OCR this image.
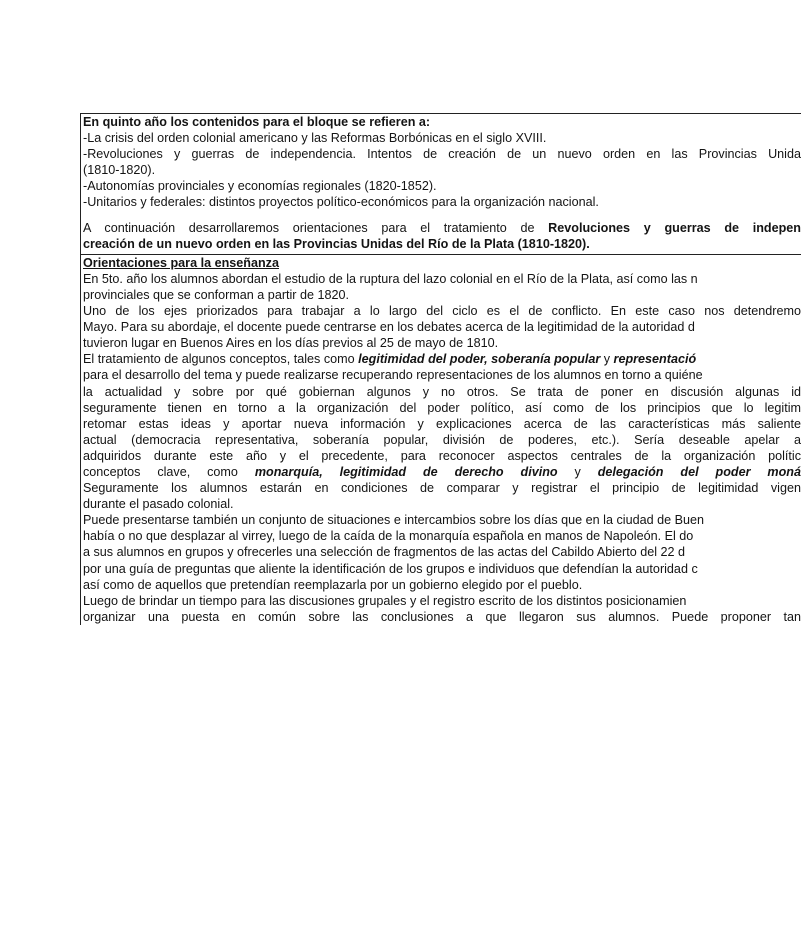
En quinto año los contenidos para el bloque se refieren a:
-La crisis del orden colonial americano y las Reformas Borbónicas en el siglo XVIII.
-Revoluciones y guerras de independencia. Intentos de creación de un nuevo orden en las Provincias Unida
(1810-1820).
-Autonomías provinciales y economías regionales (1820-1852).
-Unitarios y federales: distintos proyectos político-económicos para la organización nacional.
A continuación desarrollaremos orientaciones para el tratamiento de Revoluciones y guerras de indepen
creación de un nuevo orden en las Provincias Unidas del Río de la Plata (1810-1820).
Orientaciones para la enseñanza
En 5to. año los alumnos abordan el estudio de la ruptura del lazo colonial en el Río de la Plata, así como las n
provinciales que se conforman a partir de 1820.
Uno de los ejes priorizados para trabajar a lo largo del ciclo es el de conflicto. En este caso nos detendremo
Mayo. Para su abordaje, el docente puede centrarse en los debates acerca de la legitimidad de la autoridad d
tuvieron lugar en Buenos Aires en los días previos al 25 de mayo de 1810.
El tratamiento de algunos conceptos, tales como legitimidad del poder, soberanía popular y representació
para el desarrollo del tema y puede realizarse recuperando representaciones de los alumnos en torno a quiéne
la actualidad y sobre por qué gobiernan algunos y no otros. Se trata de poner en discusión algunas id
seguramente tienen en torno a la organización del poder político, así como de los principios que lo legitim
retomar estas ideas y aportar nueva información y explicaciones acerca de las características más saliente
actual (democracia representativa, soberanía popular, división de poderes, etc.). Sería deseable apelar a
adquiridos durante este año y el precedente, para reconocer aspectos centrales de la organización polític
conceptos clave, como monarquía, legitimidad de derecho divino y delegación del poder moná
Seguramente los alumnos estarán en condiciones de comparar y registrar el principio de legitimidad vigen
durante el pasado colonial.
Puede presentarse también un conjunto de situaciones e intercambios sobre los días que en la ciudad de Buen
había o no que desplazar al virrey, luego de la caída de la monarquía española en manos de Napoleón. El do
a sus alumnos en grupos y ofrecerles una selección de fragmentos de las actas del Cabildo Abierto del 22 d
por una guía de preguntas que aliente la identificación de los grupos e individuos que defendían la autoridad c
así como de aquellos que pretendían reemplazarla por un gobierno elegido por el pueblo.
Luego de brindar un tiempo para las discusiones grupales y el registro escrito de los distintos posicionamien
organizar una puesta en común sobre las conclusiones a que llegaron sus alumnos. Puede proponer tan
